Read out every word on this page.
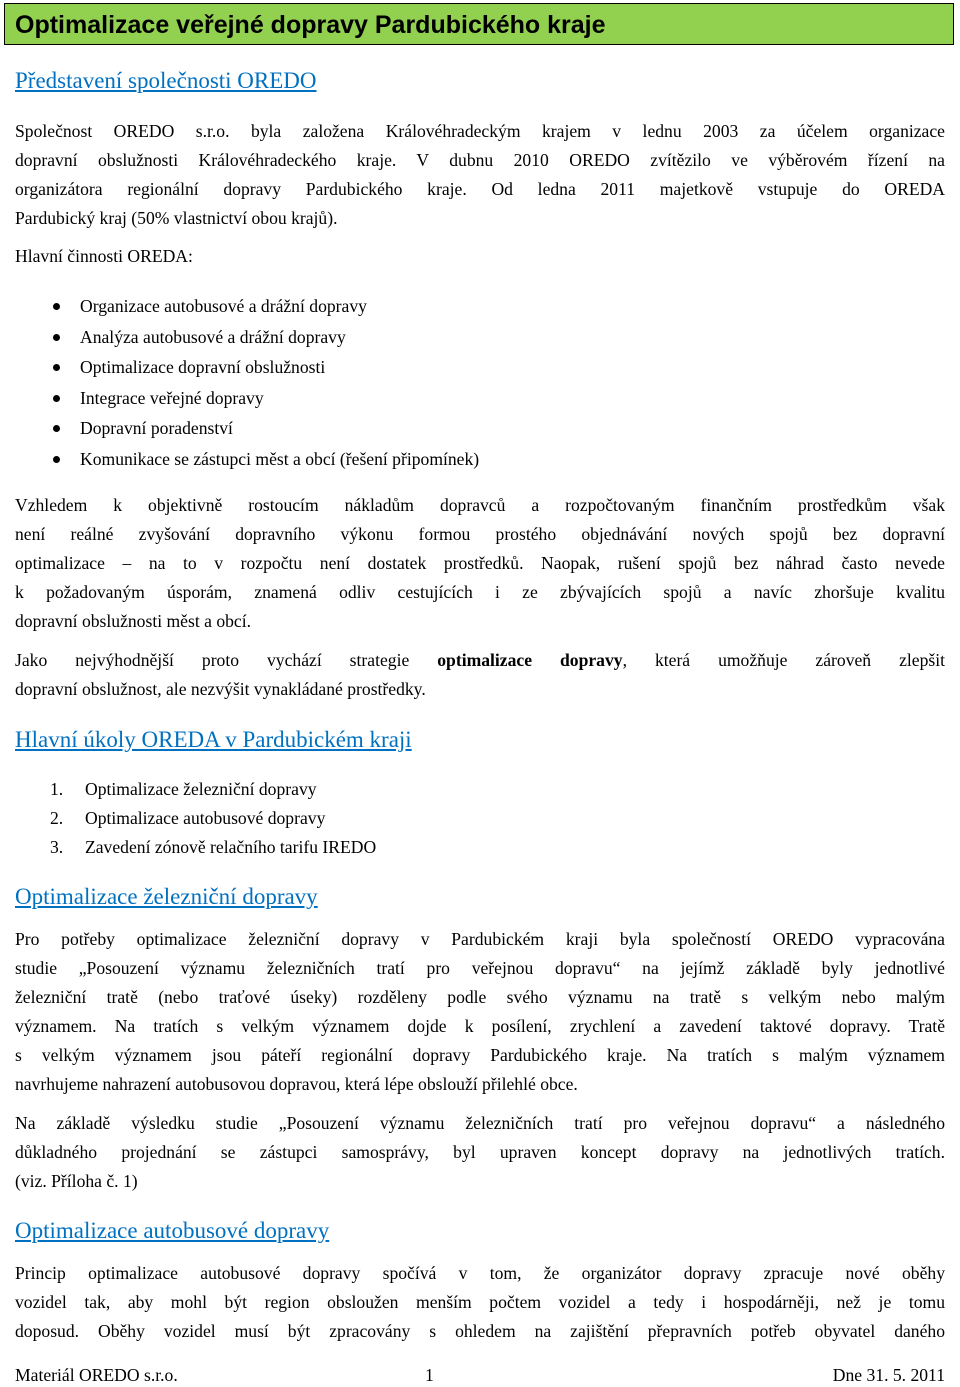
Optimalizace veřejné dopravy Pardubického kraje
Představení společnosti OREDO

Společnost OREDO s.r.o. byla založena Královéhradeckým krajem v lednu 2003 za účelem organizace

dopravní obslužnosti Královéhradeckého kraje. V dubnu 2010 OREDO zvítězilo ve výběrovém řízení na

organizátora regionální dopravy Pardubického kraje. Od ledna 2011 majetkově vstupuje do OREDA

Pardubický kraj (50% vlastnictví obou krajů).

Hlavní činnosti OREDA:
Organizace autobusové a drážní dopravy
Analýza autobusové a drážní dopravy
Optimalizace dopravní obslužnosti
Integrace veřejné dopravy
Dopravní poradenství
Komunikace se zástupci měst a obcí (řešení připomínek)

Vzhledem k objektivně rostoucím nákladům dopravců a rozpočtovaným finančním prostředkům však

není reálné zvyšování dopravního výkonu formou prostého objednávání nových spojů bez dopravní

optimalizace – na to v rozpočtu není dostatek prostředků. Naopak, rušení spojů bez náhrad často nevede

k požadovaným úsporám, znamená odliv cestujících i ze zbývajících spojů a navíc zhoršuje kvalitu

dopravní obslužnosti měst a obcí.

Jako nejvýhodnější proto vychází strategie optimalizace dopravy, která umožňuje zároveň zlepšit

dopravní obslužnost, ale nezvýšit vynakládané prostředky.

Hlavní úkoly OREDA v Pardubickém kraji
1. Optimalizace železniční dopravy
2. Optimalizace autobusové dopravy
3. Zavedení zónově relačního tarifu IREDO
Optimalizace železniční dopravy

Pro potřeby optimalizace železniční dopravy v Pardubickém kraji byla společností OREDO vypracována

studie „Posouzení významu železničních tratí pro veřejnou dopravu“ na jejímž základě byly jednotlivé

železniční tratě (nebo traťové úseky) rozděleny podle svého významu na tratě s velkým nebo malým

významem. Na tratích s velkým významem dojde k posílení, zrychlení a zavedení taktové dopravy. Tratě

s velkým významem jsou páteří regionální dopravy Pardubického kraje. Na tratích s malým významem

navrhujeme nahrazení autobusovou dopravou, která lépe obslouží přilehlé obce.

Na základě výsledku studie „Posouzení významu železničních tratí pro veřejnou dopravu“ a následného

důkladného projednání se zástupci samosprávy, byl upraven koncept dopravy na jednotlivých tratích.

(viz. Příloha č. 1)

Optimalizace autobusové dopravy

Princip optimalizace autobusové dopravy spočívá v tom, že organizátor dopravy zpracuje nové oběhy

vozidel tak, aby mohl být region obsloužen menším počtem vozidel a tedy i hospodárněji, než je tomu

doposud. Oběhy vozidel musí být zpracovány s ohledem na zajištění přepravních potřeb obyvatel daného

Materiál OREDO s.r.o.	1	Dne 31. 5. 2011
